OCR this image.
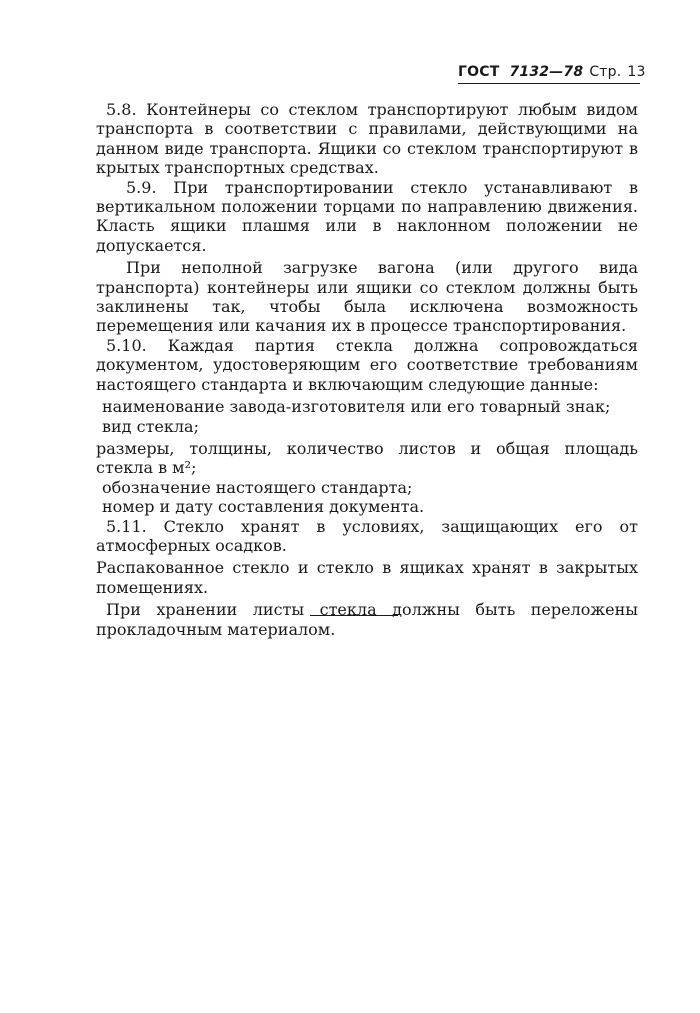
ГОСТ 7132—78 Стр. 13

5.8. Контейнеры со стеклом транспортируют любым видом транспорта в соответствии с правилами, действующими на данном виде транспорта. Ящики со стеклом транспортируют в крытых транспортных средствах.

5.9. При транспортировании стекло устанавливают в вертикальном положении торцами по направлению движения. Класть ящики плашмя или в наклонном положении не допускается.

При неполной загрузке вагона (или другого вида транспорта) контейнеры или ящики со стеклом должны быть заклинены так, чтобы была исключена возможность перемещения или качания их в процессе транспортирования.

5.10. Каждая партия стекла должна сопровождаться документом, удостоверяющим его соответствие требованиям настоящего стандарта и включающим следующие данные:

наименование завода-изготовителя или его товарный знак;

вид стекла;

размеры, толщины, количество листов и общая площадь стекла в м²;

обозначение настоящего стандарта;

номер и дату составления документа.

5.11. Стекло хранят в условиях, защищающих его от атмосферных осадков.

Распакованное стекло и стекло в ящиках хранят в закрытых помещениях.

При хранении листы стекла должны быть переложены прокладочным материалом.
